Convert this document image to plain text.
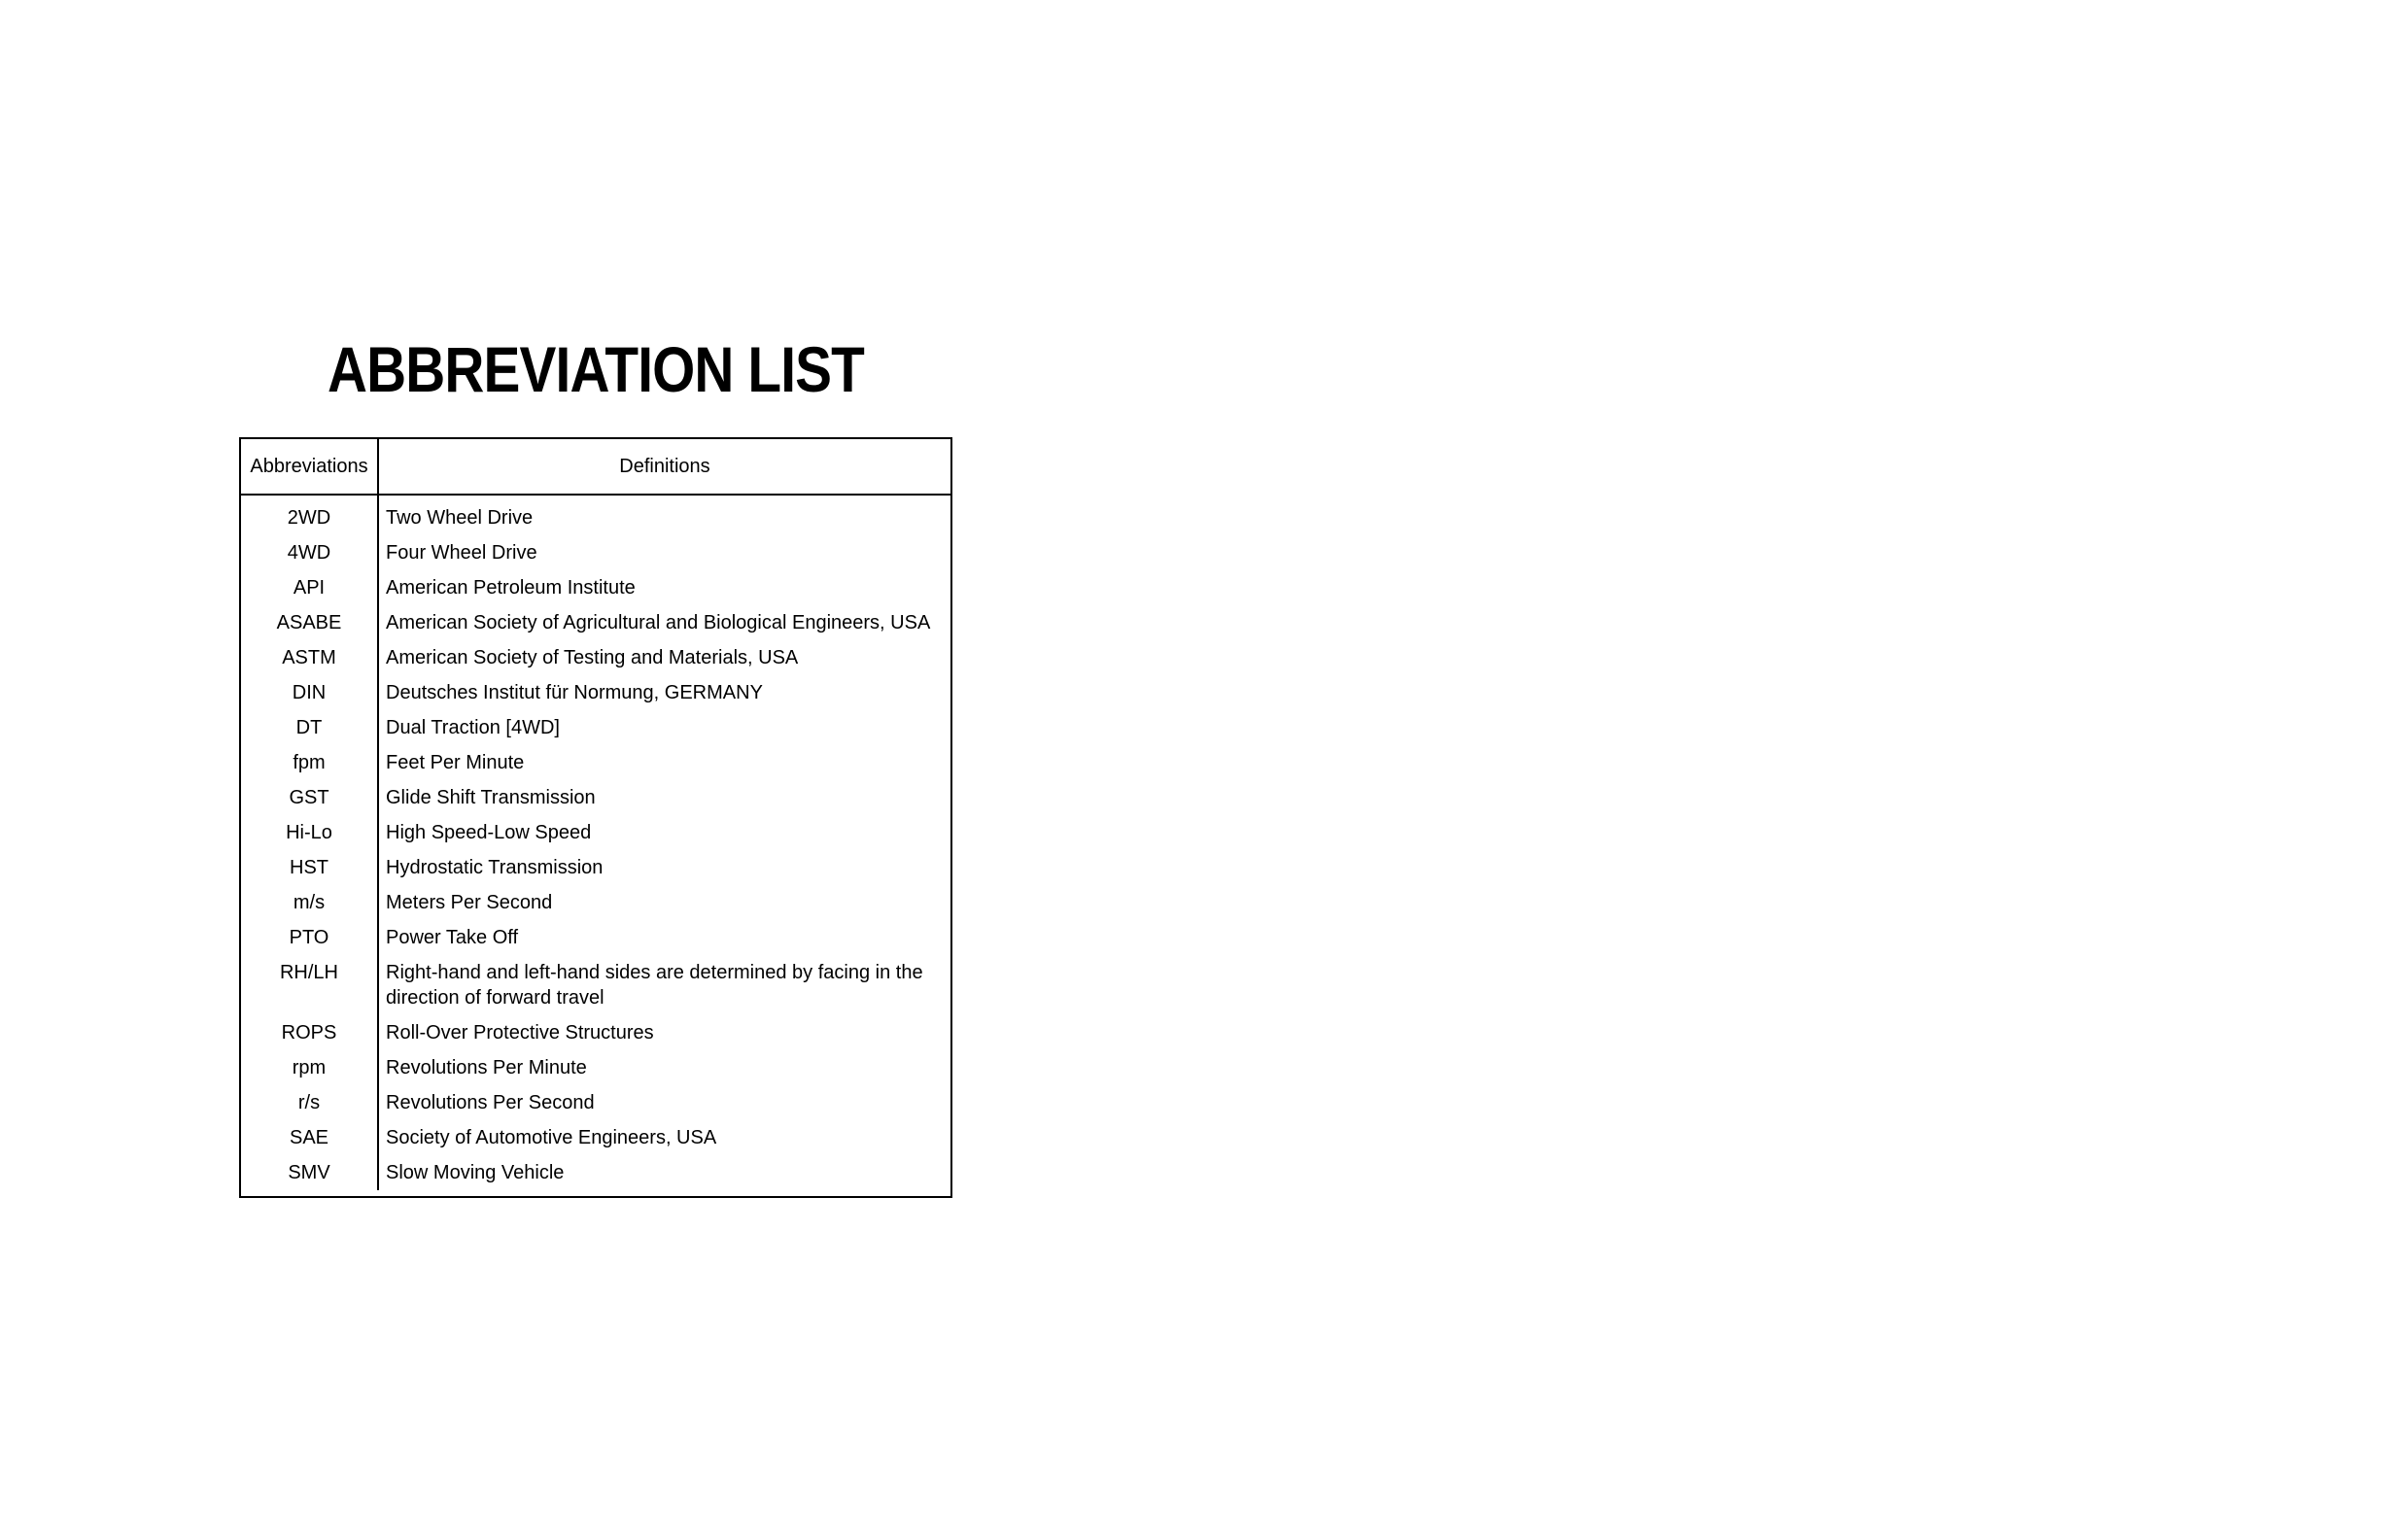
ABBREVIATION LIST
Abbreviations	Definitions
2WD	Two Wheel Drive
4WD	Four Wheel Drive
API	American Petroleum Institute
ASABE	American Society of Agricultural and Biological Engineers, USA
ASTM	American Society of Testing and Materials, USA
DIN	Deutsches Institut für Normung, GERMANY
DT	Dual Traction [4WD]
fpm	Feet Per Minute
GST	Glide Shift Transmission
Hi-Lo	High Speed-Low Speed
HST	Hydrostatic Transmission
m/s	Meters Per Second
PTO	Power Take Off
RH/LH	Right-hand and left-hand sides are determined by facing in the direction of forward travel
ROPS	Roll-Over Protective Structures
rpm	Revolutions Per Minute
r/s	Revolutions Per Second
SAE	Society of Automotive Engineers, USA
SMV	Slow Moving Vehicle
